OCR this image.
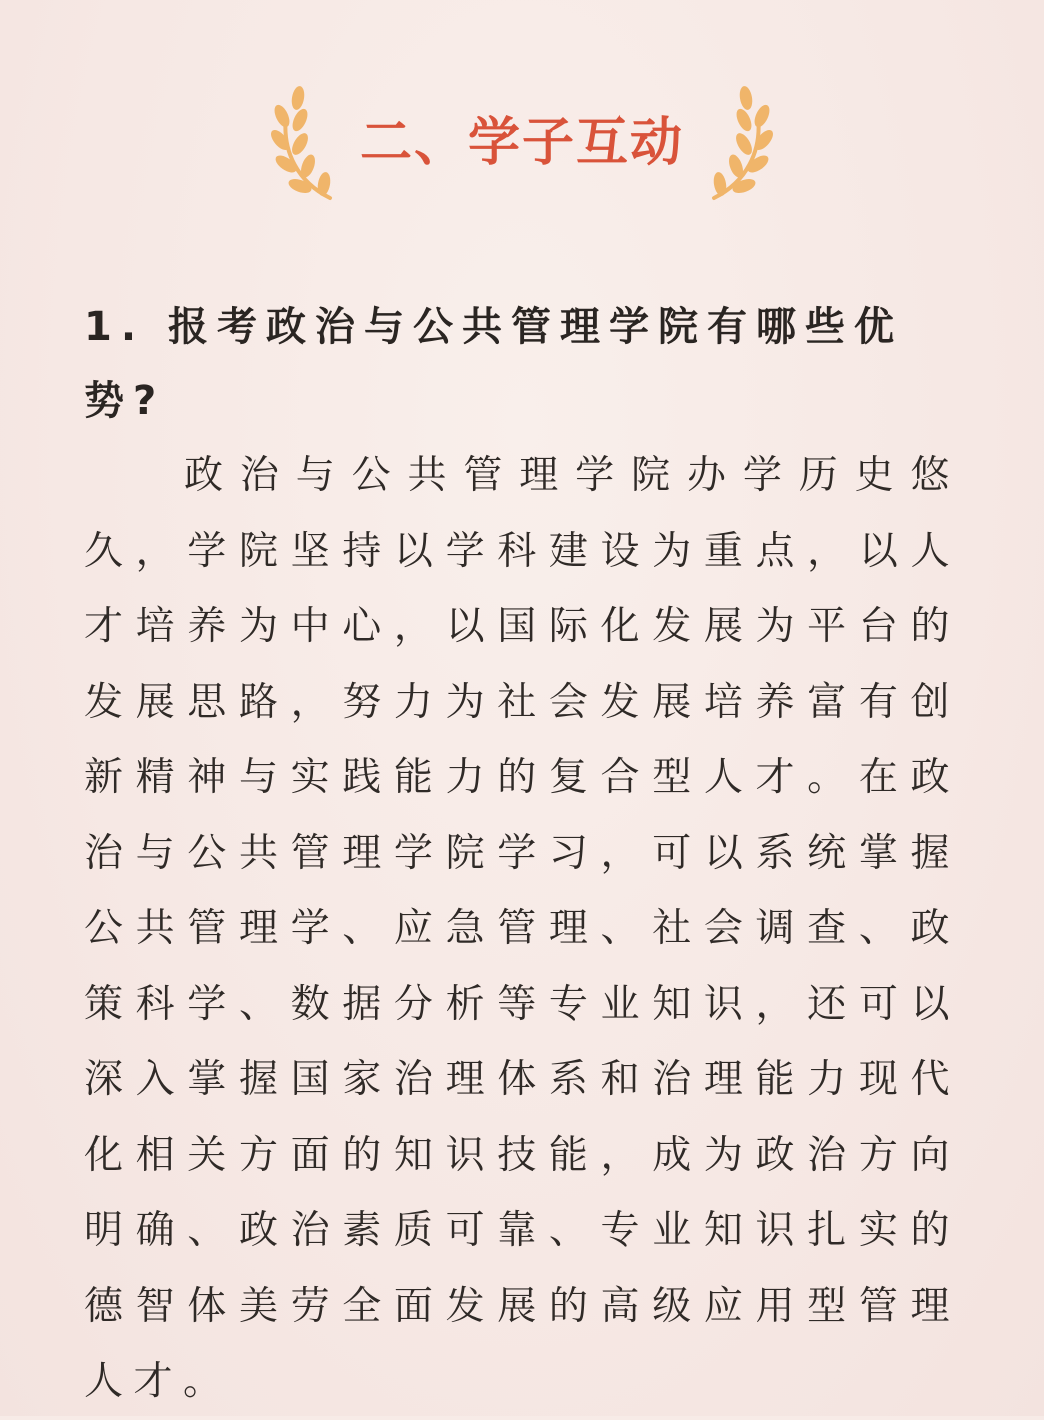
二、学子互动

1. 报考政治与公共管理学院有哪些优势?

政治与公共管理学院办学历史悠久，学院坚持以学科建设为重点，以人才培养为中心，以国际化发展为平台的发展思路，努力为社会发展培养富有创新精神与实践能力的复合型人才。在政治与公共管理学院学习，可以系统掌握公共管理学、应急管理、社会调查、政策科学、数据分析等专业知识，还可以深入掌握国家治理体系和治理能力现代化相关方面的知识技能，成为政治方向明确、政治素质可靠、专业知识扎实的德智体美劳全面发展的高级应用型管理人才。
